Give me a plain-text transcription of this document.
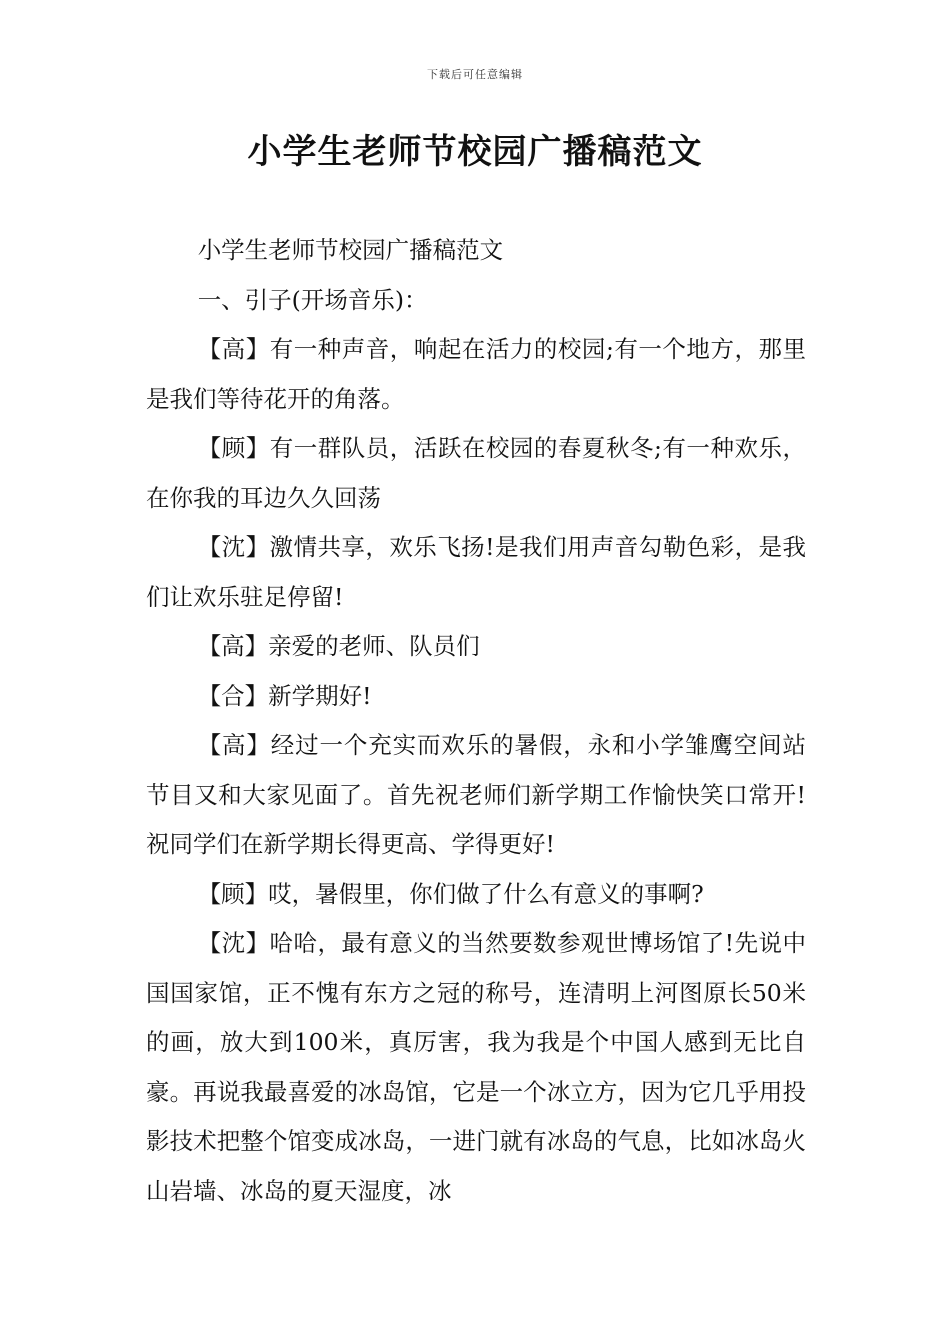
下载后可任意编辑
小学生老师节校园广播稿范文

小学生老师节校园广播稿范文

一、引子(开场音乐)：

【高】有一种声音，响起在活力的校园;有一个地方，那里是我们等待花开的角落。

【顾】有一群队员，活跃在校园的春夏秋冬;有一种欢乐，在你我的耳边久久回荡

【沈】激情共享，欢乐飞扬!是我们用声音勾勒色彩，是我们让欢乐驻足停留!

【高】亲爱的老师、队员们

【合】新学期好!

【高】经过一个充实而欢乐的暑假，永和小学雏鹰空间站节目又和大家见面了。首先祝老师们新学期工作愉快笑口常开!祝同学们在新学期长得更高、学得更好!

【顾】哎，暑假里，你们做了什么有意义的事啊?

【沈】哈哈，最有意义的当然要数参观世博场馆了!先说中国国家馆，正不愧有东方之冠的称号，连清明上河图原长50米的画，放大到100米，真厉害，我为我是个中国人感到无比自豪。再说我最喜爱的冰岛馆，它是一个冰立方，因为它几乎用投影技术把整个馆变成冰岛，一进门就有冰岛的气息，比如冰岛火山岩墙、冰岛的夏天湿度，冰
